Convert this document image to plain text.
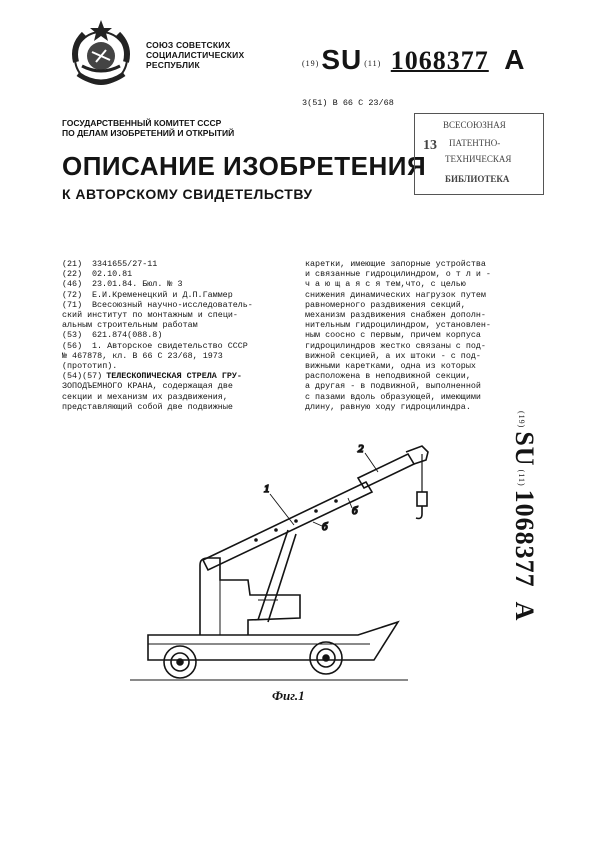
СОЮЗ СОВЕТСКИХ
СОЦИАЛИСТИЧЕСКИХ
РЕСПУБЛИК	(19)SU (11) 1068377 A
3(51) В 66 С 23/68
ГОСУДАРСТВЕННЫЙ КОМИТЕТ СССР
ПО ДЕЛАМ ИЗОБРЕТЕНИЙ И ОТКРЫТИЙ
ОПИСАНИЕ ИЗОБРЕТЕНИЯ
К АВТОРСКОМУ СВИДЕТЕЛЬСТВУ
ВСЕСОЮЗНАЯ
13 ПАТЕНТНО-
ТЕХНИЧЕСКАЯ
БИБЛИОТЕКА
(21)	3341655/27-11
(22)	02.10.81
(46)	23.01.84. Бюл. № 3
(72)	Е.И.Кременецкий и Д.П.Гаммер
(71)	Всесоюзный научно-исследователь-
ский институт по монтажным и специ-
альным строительным работам
(53)	621.874(088.8)
(56)	1. Авторское свидетельство СССР
№ 467878, кл. В 66 С 23/68, 1973
(прототип).
(54)(57) ТЕЛЕСКОПИЧЕСКАЯ СТРЕЛА ГРУ-
ЗОПОДЪЕМНОГО КРАНА, содержащая две
секции и механизм их раздвижения,
представляющий собой две подвижные
каретки, имеющие запорные устройства
и связанные гидроцилиндром, о т л и -
ч а ю щ а я с я тем,что, с целью
снижения динамических нагрузок путем
равномерного раздвижения секций,
механизм раздвижения снабжен дополн-
нительным гидроцилиндром, установлен-
ным соосно с первым, причем корпуса
гидроцилиндров жестко связаны с под-
вижной секцией, а их штоки - с под-
вижными каретками, одна из которых
расположена в неподвижной секции,
а другая - в подвижной, выполненной
с пазами вдоль образующей, имеющими
длину, равную ходу гидроцилиндра.
(19)SU(11)1068377A
1
2
б
б
Фиг.1
